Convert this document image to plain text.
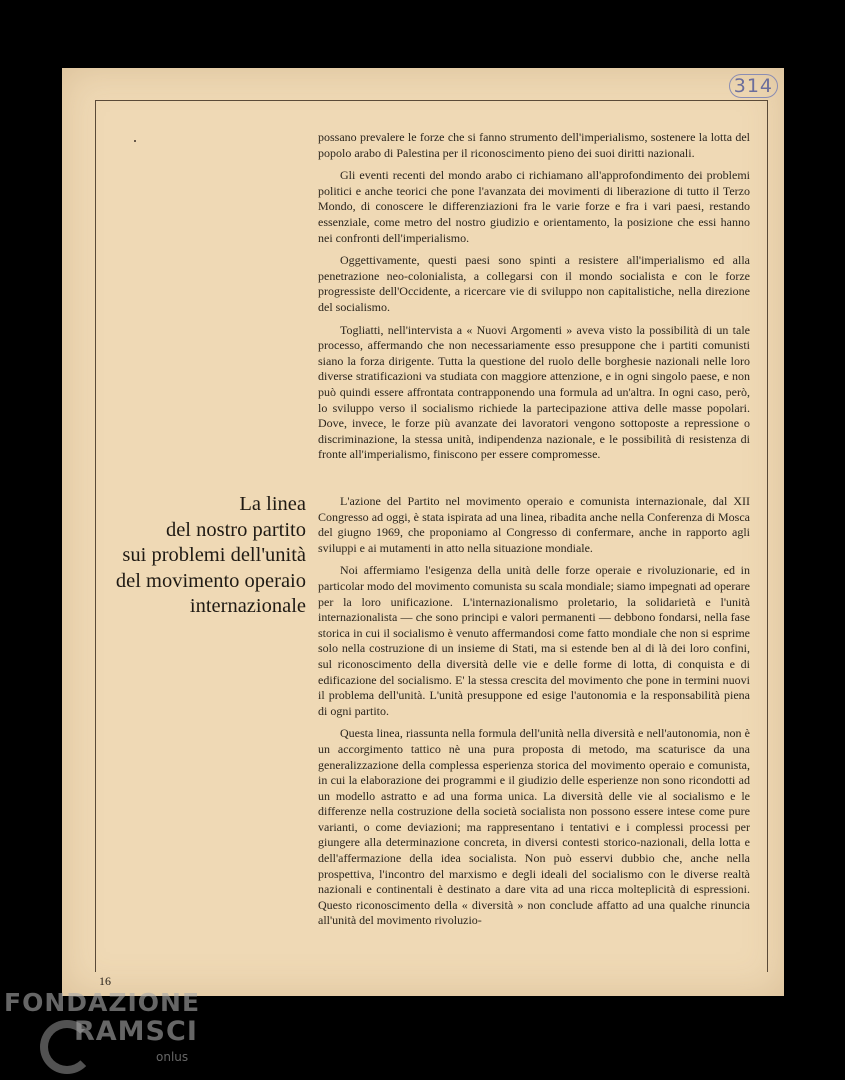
314

possano prevalere le forze che si fanno strumento dell'imperialismo, sostenere la lotta del popolo arabo di Palestina per il riconoscimento pieno dei suoi diritti nazionali.

Gli eventi recenti del mondo arabo ci richiamano all'approfondimento dei problemi politici e anche teorici che pone l'avanzata dei movimenti di liberazione di tutto il Terzo Mondo, di conoscere le differenziazioni fra le varie forze e fra i vari paesi, restando essenziale, come metro del nostro giudizio e orientamento, la posizione che essi hanno nei confronti dell'imperialismo.

Oggettivamente, questi paesi sono spinti a resistere all'imperialismo ed alla penetrazione neo-colonialista, a collegarsi con il mondo socialista e con le forze progressiste dell'Occidente, a ricercare vie di sviluppo non capitalistiche, nella direzione del socialismo.

Togliatti, nell'intervista a « Nuovi Argomenti » aveva visto la possibilità di un tale processo, affermando che non necessariamente esso presuppone che i partiti comunisti siano la forza dirigente. Tutta la questione del ruolo delle borghesie nazionali nelle loro diverse stratificazioni va studiata con maggiore attenzione, e in ogni singolo paese, e non può quindi essere affrontata contrapponendo una formula ad un'altra. In ogni caso, però, lo sviluppo verso il socialismo richiede la partecipazione attiva delle masse popolari. Dove, invece, le forze più avanzate dei lavoratori vengono sottoposte a repressione o discriminazione, la stessa unità, indipendenza nazionale, e le possibilità di resistenza di fronte all'imperialismo, finiscono per essere compromesse.

La linea
del nostro partito
sui problemi dell'unità
del movimento operaio
internazionale

L'azione del Partito nel movimento operaio e comunista internazionale, dal XII Congresso ad oggi, è stata ispirata ad una linea, ribadita anche nella Conferenza di Mosca del giugno 1969, che proponiamo al Congresso di confermare, anche in rapporto agli sviluppi e ai mutamenti in atto nella situazione mondiale.

Noi affermiamo l'esigenza della unità delle forze operaie e rivoluzionarie, ed in particolar modo del movimento comunista su scala mondiale; siamo impegnati ad operare per la loro unificazione. L'internazionalismo proletario, la solidarietà e l'unità internazionalista — che sono principi e valori permanenti — debbono fondarsi, nella fase storica in cui il socialismo è venuto affermandosi come fatto mondiale che non si esprime solo nella costruzione di un insieme di Stati, ma si estende ben al di là dei loro confini, sul riconoscimento della diversità delle vie e delle forme di lotta, di conquista e di edificazione del socialismo. E' la stessa crescita del movimento che pone in termini nuovi il problema dell'unità. L'unità presuppone ed esige l'autonomia e la responsabilità piena di ogni partito.

Questa linea, riassunta nella formula dell'unità nella diversità e nell'autonomia, non è un accorgimento tattico nè una pura proposta di metodo, ma scaturisce da una generalizzazione della complessa esperienza storica del movimento operaio e comunista, in cui la elaborazione dei programmi e il giudizio delle esperienze non sono ricondotti ad un modello astratto e ad una forma unica. La diversità delle vie al socialismo e le differenze nella costruzione della società socialista non possono essere intese come pure varianti, o come deviazioni; ma rappresentano i tentativi e i complessi processi per giungere alla determinazione concreta, in diversi contesti storico-nazionali, della lotta e dell'affermazione della idea socialista. Non può esservi dubbio che, anche nella prospettiva, l'incontro del marxismo e degli ideali del socialismo con le diverse realtà nazionali e continentali è destinato a dare vita ad una ricca molteplicità di espressioni. Questo riconoscimento della « diversità » non conclude affatto ad una qualche rinuncia all'unità del movimento rivoluzio-

16
FONDAZIONE
RAMSCI
onlus
